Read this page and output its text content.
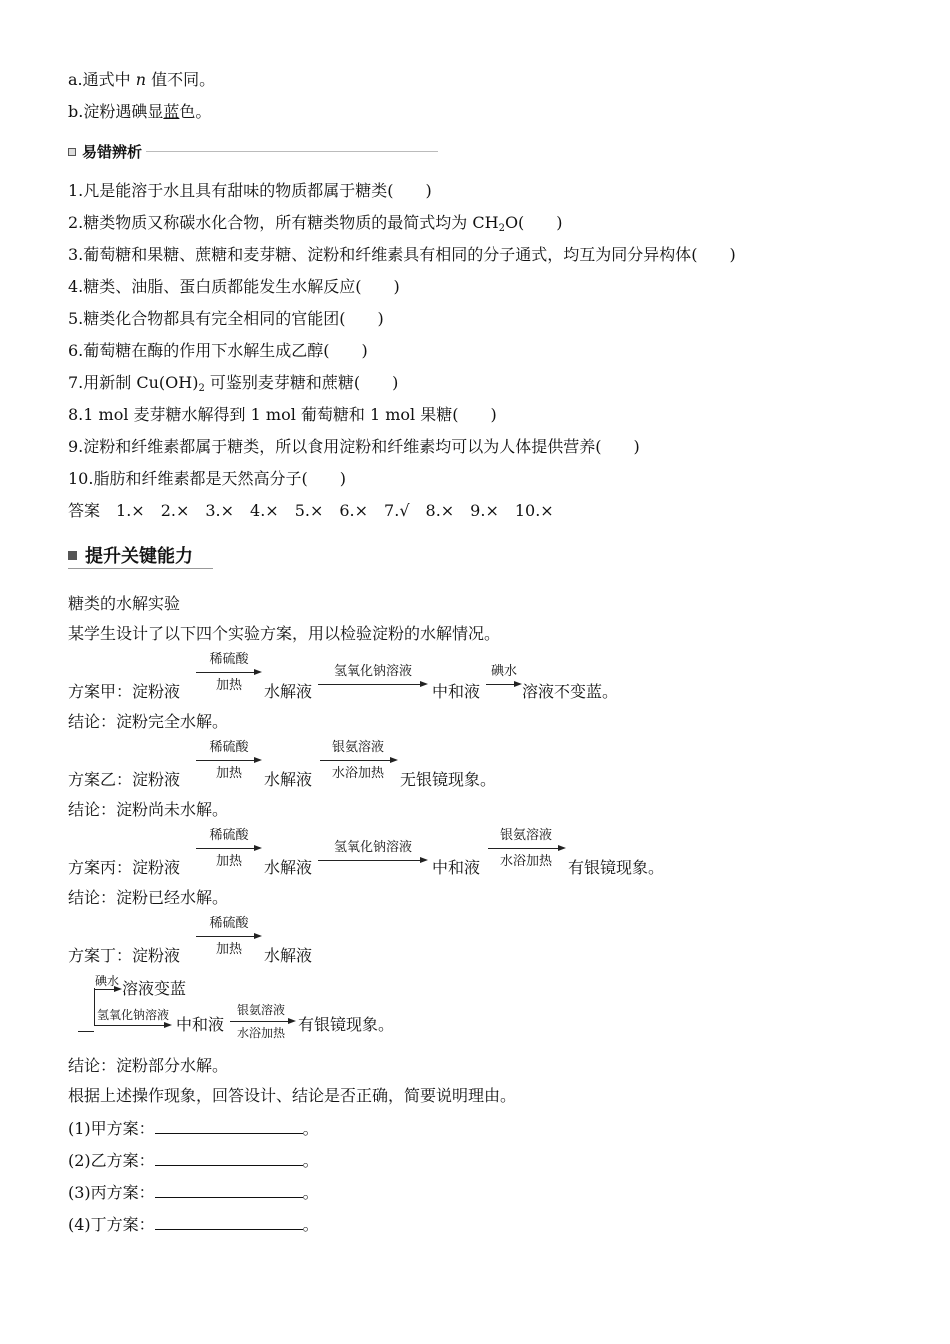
a.通式中 n 值不同。
b.淀粉遇碘显蓝色。
易错辨析
1.凡是能溶于水且具有甜味的物质都属于糖类(　　)
2.糖类物质又称碳水化合物，所有糖类物质的最简式均为 $CH_2O$(　　)
3.葡萄糖和果糖、蔗糖和麦芽糖、淀粉和纤维素具有相同的分子通式，均互为同分异构体(　　)
4.糖类、油脂、蛋白质都能发生水解反应(　　)
5.糖类化合物都具有完全相同的官能团(　　)
6.葡萄糖在酶的作用下水解生成乙醇(　　)
7.用新制 $Cu(OH)_2$ 可鉴别麦芽糖和蔗糖(　　)
8.1 mol 麦芽糖水解得到 1 mol 葡萄糖和 1 mol 果糖(　　)
9.淀粉和纤维素都属于糖类，所以食用淀粉和纤维素均可以为人体提供营养(　　)
10.脂肪和纤维素都是天然高分子(　　)
答案 1.×　2.×　3.×　4.×　5.×　6.×　7.√　8.×　9.×　10.×
提升关键能力
糖类的水解实验
某学生设计了以下四个实验方案，用以检验淀粉的水解情况。
方案甲：淀粉液
稀硫酸
加热	水解液
氢氧化钠溶液
中和液
碘水
溶液不变蓝。
结论：淀粉完全水解。
方案乙：淀粉液
稀硫酸
加热	水解液
银氨溶液
水浴加热	无银镜现象。
结论：淀粉尚未水解。
方案丙：淀粉液
稀硫酸
加热	水解液
氢氧化钠溶液
中和液
银氨溶液
水浴加热	有银镜现象。
结论：淀粉已经水解。
方案丁：淀粉液
稀硫酸
加热	水解液
碘水 溶液变蓝
氢氧化钠溶液 中和液
银氨溶液
水浴加热 有银镜现象。
结论：淀粉部分水解。
根据上述操作现象，回答设计、结论是否正确，简要说明理由。
(1)甲方案：	。
(2)乙方案：	。
(3)丙方案：	。
(4)丁方案：	。
